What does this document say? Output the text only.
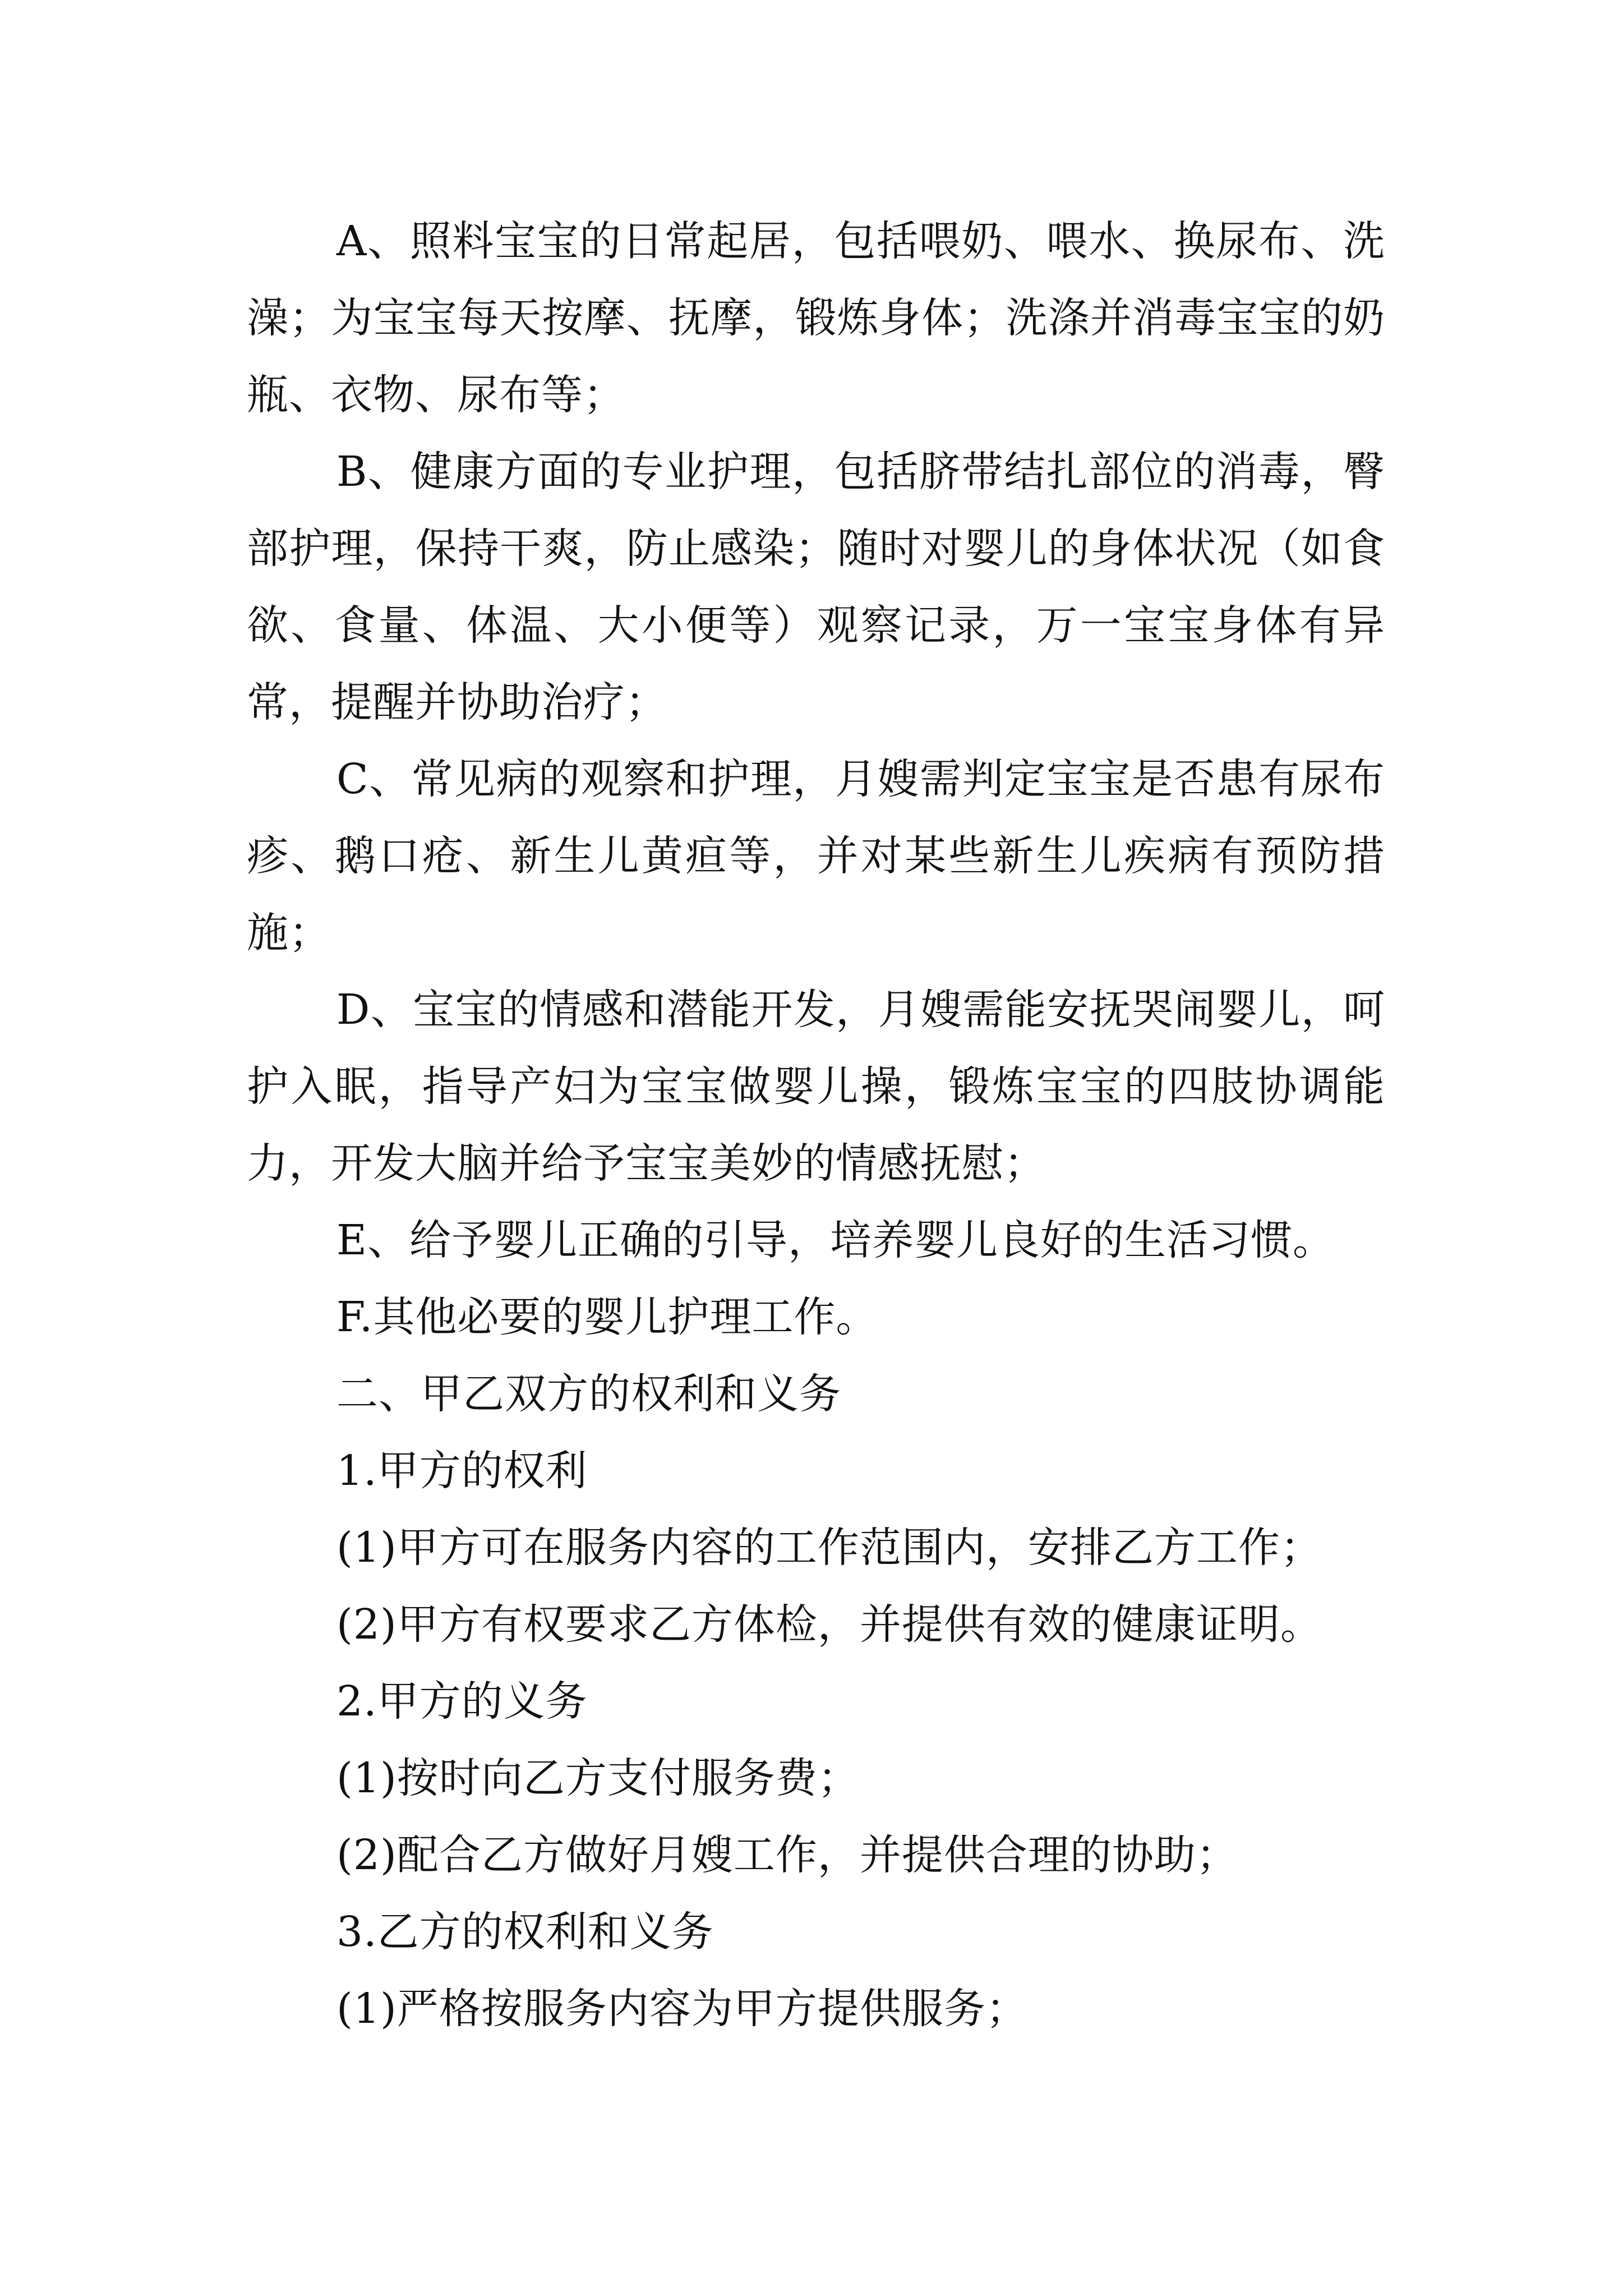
A、照料宝宝的日常起居，包括喂奶、喂水、换尿布、洗澡；为宝宝每天按摩、抚摩，锻炼身体；洗涤并消毒宝宝的奶瓶、衣物、尿布等；

B、健康方面的专业护理，包括脐带结扎部位的消毒，臀部护理，保持干爽，防止感染；随时对婴儿的身体状况（如食欲、食量、体温、大小便等）观察记录，万一宝宝身体有异常，提醒并协助治疗；

C、常见病的观察和护理，月嫂需判定宝宝是否患有尿布疹、鹅口疮、新生儿黄疸等，并对某些新生儿疾病有预防措施；

D、宝宝的情感和潜能开发，月嫂需能安抚哭闹婴儿，呵护入眠，指导产妇为宝宝做婴儿操，锻炼宝宝的四肢协调能力，开发大脑并给予宝宝美妙的情感抚慰；

E、给予婴儿正确的引导，培养婴儿良好的生活习惯。

F.其他必要的婴儿护理工作。

二、甲乙双方的权利和义务

1.甲方的权利

(1)甲方可在服务内容的工作范围内，安排乙方工作；

(2)甲方有权要求乙方体检，并提供有效的健康证明。

2.甲方的义务

(1)按时向乙方支付服务费；

(2)配合乙方做好月嫂工作，并提供合理的协助；

3.乙方的权利和义务

(1)严格按服务内容为甲方提供服务；
